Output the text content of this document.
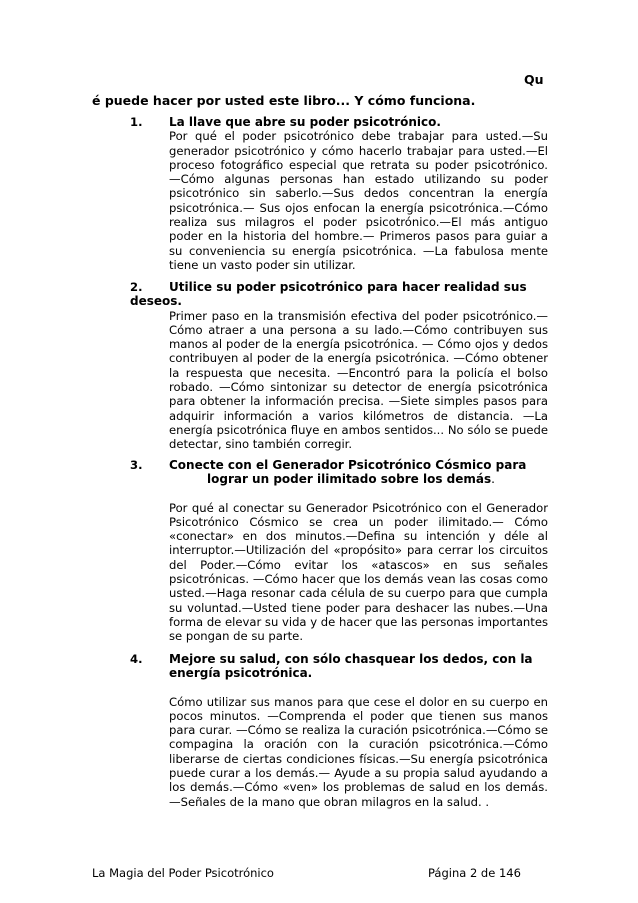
Qu
é puede hacer por usted este libro... Y cómo funciona.
1. La llave que abre su poder psicotrónico.
Por qué el poder psicotrónico debe trabajar para usted.—Su generador psicotrónico y cómo hacerlo trabajar para usted.—El proceso fotográfico especial que retrata su poder psicotrónico. —Cómo algunas personas han estado utilizando su poder psicotrónico sin saberlo.—Sus dedos concentran la energía psicotrónica.— Sus ojos enfocan la energía psicotrónica.—Cómo realiza sus milagros el poder psicotrónico.—El más antiguo poder en la historia del hombre.— Primeros pasos para guiar a su conveniencia su energía psicotrónica. —La fabulosa mente tiene un vasto poder sin utilizar.
2.	Utilice su poder psicotrónico para hacer realidad sus
deseos.
Primer paso en la transmisión efectiva del poder psicotrónico.— Cómo atraer a una persona a su lado.—Cómo contribuyen sus manos al poder de la energía psicotrónica. — Cómo ojos y dedos contribuyen al poder de la energía psicotrónica. —Cómo obtener la respuesta que necesita. —Encontró para la policía el bolso robado. —Cómo sintonizar su detector de energía psicotrónica para obtener la información precisa. —Siete simples pasos para adquirir información a varios kilómetros de distancia. —La energía psicotrónica fluye en ambos sentidos... No sólo se puede detectar, sino también corregir.
3. Conecte con el Generador Psicotrónico Cósmico para
lograr un poder ilimitado sobre los demás.
Por qué al conectar su Generador Psicotrónico con el Generador Psicotrónico Cósmico se crea un poder ilimitado.— Cómo «conectar» en dos minutos.—Defina su intención y déle al interruptor.—Utilización del «propósito» para cerrar los circuitos del Poder.—Cómo evitar los «atascos» en sus señales psicotrónicas. —Cómo hacer que los demás vean las cosas como usted.—Haga resonar cada célula de su cuerpo para que cumpla su voluntad.—Usted tiene poder para deshacer las nubes.—Una forma de elevar su vida y de hacer que las personas importantes se pongan de su parte.
4. Mejore su salud, con sólo chasquear los dedos, con la
energía psicotrónica.
Cómo utilizar sus manos para que cese el dolor en su cuerpo en pocos minutos. —Comprenda el poder que tienen sus manos para curar. —Cómo se realiza la curación psicotrónica.—Cómo se compagina la oración con la curación psicotrónica.—Cómo liberarse de ciertas condiciones físicas.—Su energía psicotrónica puede curar a los demás.— Ayude a su propia salud ayudando a los demás.—Cómo «ven» los problemas de salud en los demás.—Señales de la mano que obran milagros en la salud. .
La Magia del Poder Psicotrónico	Página 2 de 146
